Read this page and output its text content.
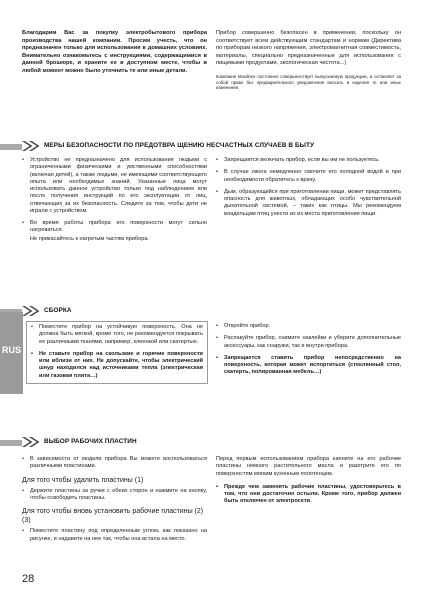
Благодарим Вас за покупку электробытового прибора производства нашей компании. Просим учесть, что он предназначен только для использования в домашних условиях. Внимательно ознакомьтесь с инструкциями, содержащимися в данной брошюре, и храните ее в доступном месте, чтобы в любой момент можно было уточнить те или иные детали.

Прибор совершенно безопасен в применении, поскольку он соответствует всем действующим стандартам и нормам (Директива по приборам низкого напряжения, электромагнитная совместимость, материалы, специально предназначенные для использования с пищевыми продуктами, экологическая чистота...)

Компания Moulinex постоянно совершенствует выпускаемую продукцию, и оставляет за собой право без предварительного уведомления вносить в изделия те или иные изменения.

МЕРЫ БЕЗОПАСНОСТИ ПО ПРЕДОТВРА ЩЕНИЮ НЕСЧАСТНЫХ СЛУЧАЕВ В БЫТУ
• Устройство не предназначено для использования людьми с ограниченными физическими и умственными способностями (включая детей), а также людьми, не имеющими соответствующего опыта или необходимых знаний. Указанные лица могут использовать данное устройство только под наблюдением или после получения инструкций по его эксплуатации от лиц, отвечающих за их безопасность. Следите за тем, чтобы дети не играли с устройством.
• Во время работы прибора его поверхности могут сильно нагреваться.

Не прикасайтесь к нагретым частям прибора.

• Запрещается включать прибор, если вы им не пользуетесь.
• В случае ожога немедленно смочите его холодной водой и при необходимости обратитесь к врачу.
• Дым, образующийся при приготовлении пищи, может представлять опасность для животных, обладающих особо чувствительной дыхательной системой, – таких как птицы. Мы рекомендуем владельцам птиц унести их из места приготовления пищи.
СБОРКА
RUS
• Поместите прибор на устойчивую поверхность. Она не должна быть мягкой, кроме того, не рекомендуется покрывать ее различными тканями, например, клеенкой или скатертью.
• Не ставьте прибор на скользкие и горячие поверхности или вблизи от них. Не допускайте, чтобы электрический шнур находился над источниками тепла (электрическая или газовая плита…)
• Откройте прибор.
• Распакуйте прибор, снимите наклейки и уберите дополнительные аксессуары, как снаружи, так и внутри прибора.
• Запрещается ставить прибор непосредственно на поверхность, которая может испортиться (стеклянный стол, скатерть, полированная мебель…)
ВЫБОР РАБОЧИХ ПЛАСТИН
• В зависимости от модели прибора Вы можете воспользоваться различными пластинами.

Для того чтобы удалить пластины (1)

• Держите пластины за ручки с обеих сторон и нажмите на кнопку, чтобы освободить пластины.

Для того чтобы вновь установить рабочие пластины (2) (3)

• Поместите пластину под определенным углом, как показано на рисунке, и надавите на нее так, чтобы она встала на место.

Перед первым использованием прибора капните на его рабочие пластины немного растительного масла и разотрите его по поверхностям мягким кухонным полотенцем.

• Прежде чем заменять рабочие пластины, удостоверьтесь в том, что они достаточно остыли. Кроме того, прибор должен быть отключен от электросети.
28
